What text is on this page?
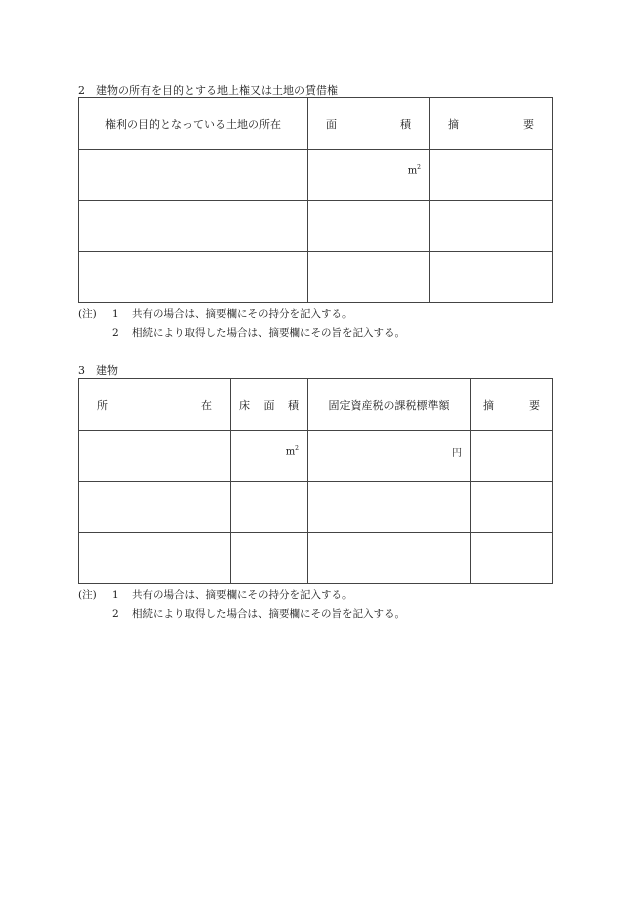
2　建物の所有を目的とする地上権又は土地の賃借権
権利の目的となっている土地の所在	面 積	摘 要

	$m^2$

(注) 1 共有の場合は、摘要欄にその持分を記入する。
2 相続により取得した場合は、摘要欄にその旨を記入する。
3　建物
所 在	床 面 積	固定資産税の課税標準額	摘 要

	$m^2$	円	

(注) 1 共有の場合は、摘要欄にその持分を記入する。
2 相続により取得した場合は、摘要欄にその旨を記入する。
